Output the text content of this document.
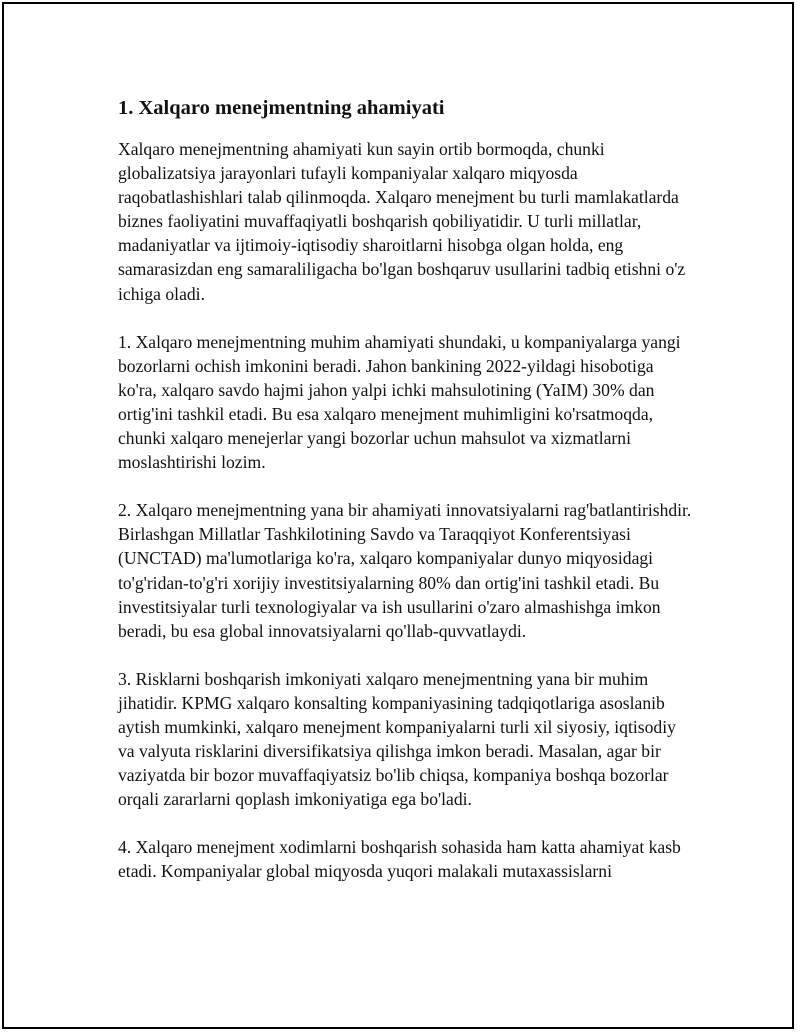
1. Xalqaro menejmentning ahamiyati

Xalqaro menejmentning ahamiyati kun sayin ortib bormoqda, chunki globalizatsiya jarayonlari tufayli kompaniyalar xalqaro miqyosda raqobatlashishlari talab qilinmoqda. Xalqaro menejment bu turli mamlakatlarda biznes faoliyatini muvaffaqiyatli boshqarish qobiliyatidir. U turli millatlar, madaniyatlar va ijtimoiy-iqtisodiy sharoitlarni hisobga olgan holda, eng samarasizdan eng samaraliligacha bo'lgan boshqaruv usullarini tadbiq etishni o'z ichiga oladi.

1. Xalqaro menejmentning muhim ahamiyati shundaki, u kompaniyalarga yangi bozorlarni ochish imkonini beradi. Jahon bankining 2022-yildagi hisobotiga ko'ra, xalqaro savdo hajmi jahon yalpi ichki mahsulotining (YaIM) 30% dan ortig'ini tashkil etadi. Bu esa xalqaro menejment muhimligini ko'rsatmoqda, chunki xalqaro menejerlar yangi bozorlar uchun mahsulot va xizmatlarni moslashtirishi lozim.

2. Xalqaro menejmentning yana bir ahamiyati innovatsiyalarni rag'batlantirishdir. Birlashgan Millatlar Tashkilotining Savdo va Taraqqiyot Konferentsiyasi (UNCTAD) ma'lumotlariga ko'ra, xalqaro kompaniyalar dunyo miqyosidagi to'g'ridan-to'g'ri xorijiy investitsiyalarning 80% dan ortig'ini tashkil etadi. Bu investitsiyalar turli texnologiyalar va ish usullarini o'zaro almashishga imkon beradi, bu esa global innovatsiyalarni qo'llab-quvvatlaydi.

3. Risklarni boshqarish imkoniyati xalqaro menejmentning yana bir muhim jihatidir. KPMG xalqaro konsalting kompaniyasining tadqiqotlariga asoslanib aytish mumkinki, xalqaro menejment kompaniyalarni turli xil siyosiy, iqtisodiy va valyuta risklarini diversifikatsiya qilishga imkon beradi. Masalan, agar bir vaziyatda bir bozor muvaffaqiyatsiz bo'lib chiqsa, kompaniya boshqa bozorlar orqali zararlarni qoplash imkoniyatiga ega bo'ladi.

4. Xalqaro menejment xodimlarni boshqarish sohasida ham katta ahamiyat kasb etadi. Kompaniyalar global miqyosda yuqori malakali mutaxassislarni
